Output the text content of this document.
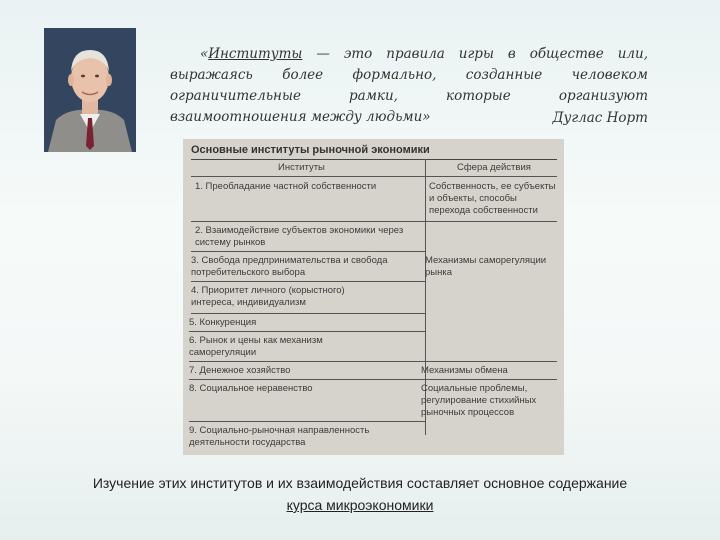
«Институты — это правила игры в обществе или, выражаясь более формально, созданные человеком ограничительные рамки, которые организуют взаимоотношения между людьми»	Дуглас Норт
Основные институты рыночной экономики
Институты	Сфера действия
1. Преобладание частной собственности
2. Взаимодействие субъектов экономики через систему рынков
3. Свобода предпринимательства и свобода потребительского выбора
4. Приоритет личного (корыстного) интереса, индивидуализм
5. Конкуренция
6. Рынок и цены как механизм саморегуляции
7. Денежное хозяйство
8. Социальное неравенство
9. Социально-рыночная направленность деятельности государства
Собственность, ее субъекты и объекты, способы перехода собственности
Механизмы саморегуляции рынка
Механизмы обмена
Социальные проблемы, регулирование стихийных рыночных процессов
Изучение этих институтов и их взаимодействия составляет основное содержание
курса микроэкономики
